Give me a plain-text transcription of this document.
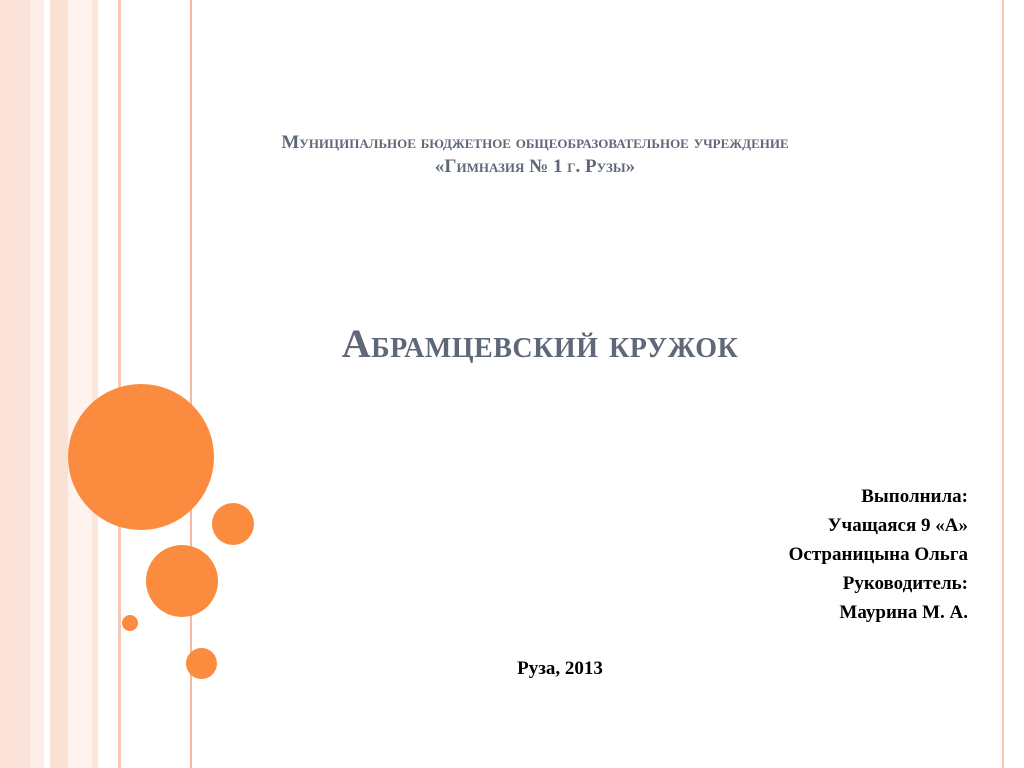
Муниципальное бюджетное общеобразовательное учреждение
«Гимназия № 1 г. Рузы»
Абрамцевский кружок
Выполнила:
Учащаяся 9 «А»
Остраницына Ольга
Руководитель:
Маурина М. А.
Руза, 2013
